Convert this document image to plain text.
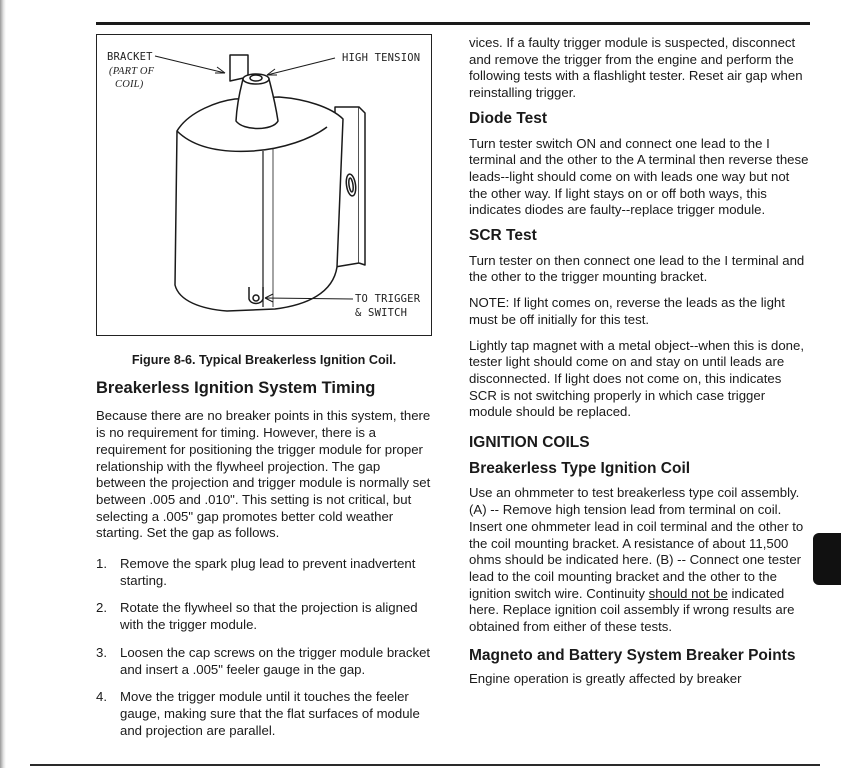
BRACKET
(PART OF
COIL)
HIGH TENSION
TO TRIGGER
& SWITCH
Figure 8-6. Typical Breakerless Ignition Coil.
Breakerless Ignition System Timing

Because there are no breaker points in this system, there is no requirement for timing. However, there is a requirement for positioning the trigger module for proper relationship with the flywheel projection. The gap between the projection and trigger module is normally set between .005 and .010". This setting is not critical, but selecting a .005" gap promotes better cold weather starting. Set the gap as follows.

1. Remove the spark plug lead to prevent inadvertent starting.
2. Rotate the flywheel so that the projection is aligned with the trigger module.
3. Loosen the cap screws on the trigger module bracket and insert a .005" feeler gauge in the gap.
4. Move the trigger module until it touches the feeler gauge, making sure that the flat surfaces of module and projection are parallel.

vices. If a faulty trigger module is suspected, disconnect and remove the trigger from the engine and perform the following tests with a flashlight tester. Reset air gap when reinstalling trigger.

Diode Test

Turn tester switch ON and connect one lead to the I terminal and the other to the A terminal then reverse these leads--light should come on with leads one way but not the other way. If light stays on or off both ways, this indicates diodes are faulty--replace trigger module.

SCR Test

Turn tester on then connect one lead to the I terminal and the other to the trigger mounting bracket.

NOTE: If light comes on, reverse the leads as the light must be off initially for this test.

Lightly tap magnet with a metal object--when this is done, tester light should come on and stay on until leads are disconnected. If light does not come on, this indicates SCR is not switching properly in which case trigger module should be replaced.

IGNITION COILS
Breakerless Type Ignition Coil

Use an ohmmeter to test breakerless type coil assembly. (A) -- Remove high tension lead from terminal on coil. Insert one ohmmeter lead in coil terminal and the other to the coil mounting bracket. A resistance of about 11,500 ohms should be indicated here. (B) -- Connect one tester lead to the coil mounting bracket and the other to the ignition switch wire. Continuity should not be indicated here. Replace ignition coil assembly if wrong results are obtained from either of these tests.

Magneto and Battery System Breaker Points

Engine operation is greatly affected by breaker
